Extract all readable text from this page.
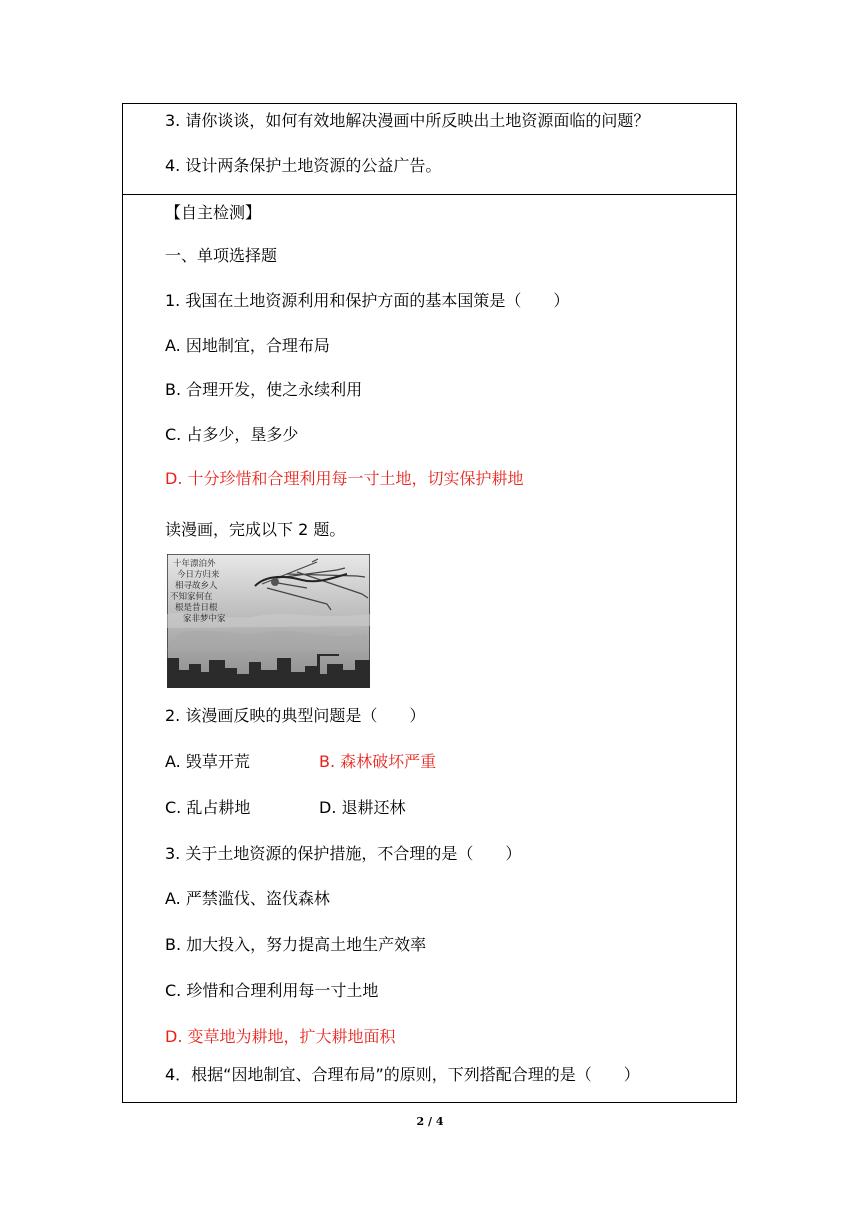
3. 请你谈谈，如何有效地解决漫画中所反映出土地资源面临的问题？
4. 设计两条保护土地资源的公益广告。
【自主检测】
一、单项选择题
1. 我国在土地资源利用和保护方面的基本国策是（　　）
A. 因地制宜，合理布局
B. 合理开发，使之永续利用
C. 占多少，垦多少
D. 十分珍惜和合理利用每一寸土地，切实保护耕地
读漫画，完成以下 2 题。
十年漂泊外
今日方归来
相寻故乡人
不知家何在
根是昔日根
家非梦中家
2. 该漫画反映的典型问题是（　　）
A. 毁草开荒	B. 森林破坏严重
C. 乱占耕地	D. 退耕还林
3. 关于土地资源的保护措施，不合理的是（　　）
A. 严禁滥伐、盗伐森林
B. 加大投入，努力提高土地生产效率
C. 珍惜和合理利用每一寸土地
D. 变草地为耕地，扩大耕地面积
4．根据“因地制宜、合理布局”的原则，下列搭配合理的是（　　）
2 / 4
